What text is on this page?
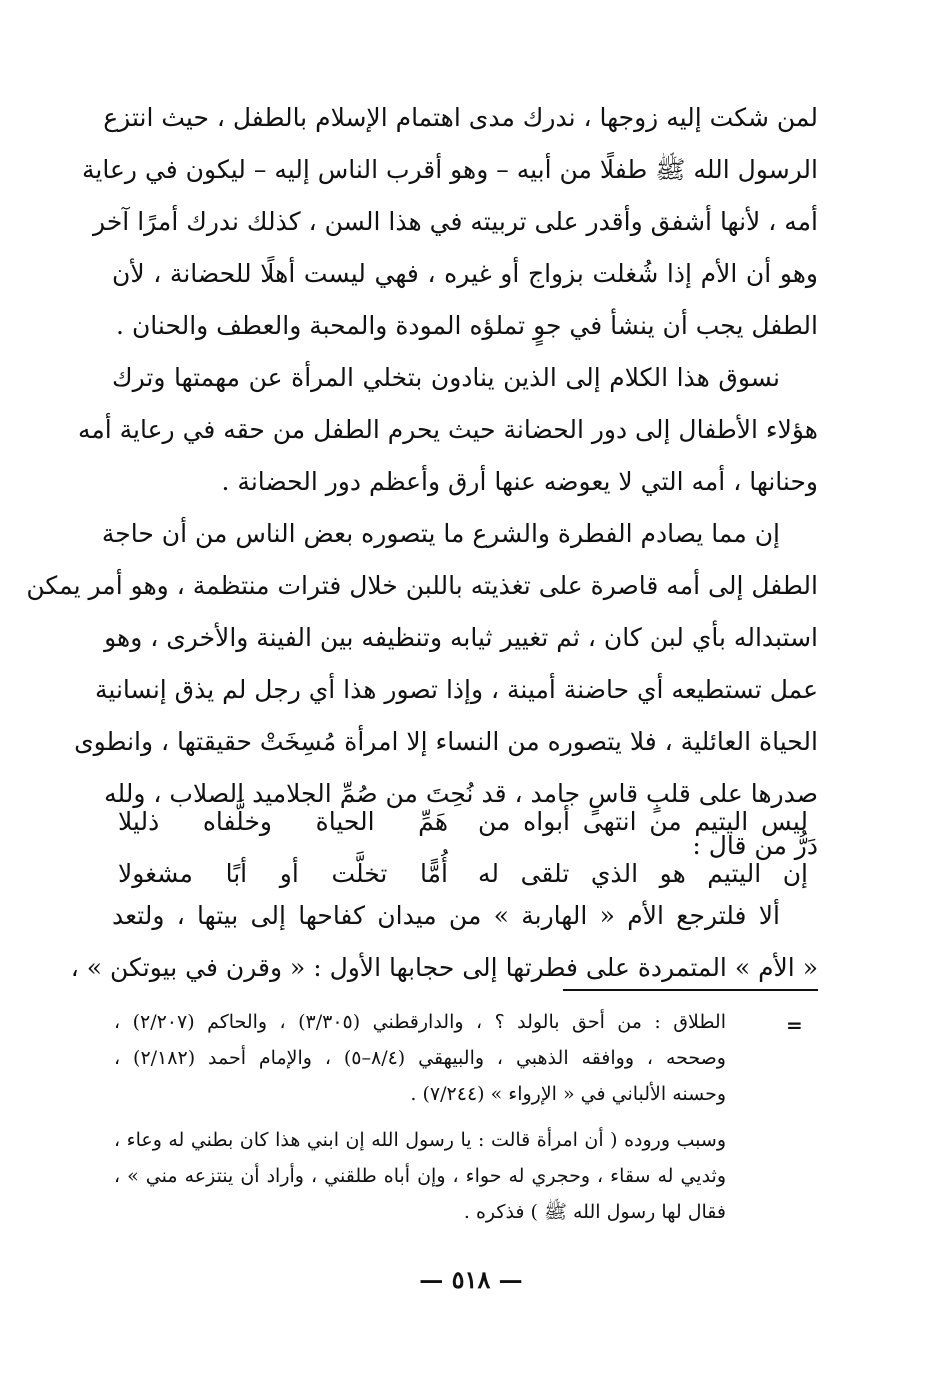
لمن شكت إليه زوجها ، ندرك مدى اهتمام الإسلام بالطفل ، حيث انتزع
الرسول الله ﷺ طفلًا من أبيه – وهو أقرب الناس إليه – ليكون في رعاية
أمه ، لأنها أشفق وأقدر على تربيته في هذا السن ، كذلك ندرك أمرًا آخر
وهو أن الأم إذا شُغلت بزواج أو غيره ، فهي ليست أهلًا للحضانة ، لأن
الطفل يجب أن ينشأ في جوٍ تملؤه المودة والمحبة والعطف والحنان .
نسوق هذا الكلام إلى الذين ينادون بتخلي المرأة عن مهمتها وترك
هؤلاء الأطفال إلى دور الحضانة حيث يحرم الطفل من حقه في رعاية أمه
وحنانها ، أمه التي لا يعوضه عنها أرق وأعظم دور الحضانة .
إن مما يصادم الفطرة والشرع ما يتصوره بعض الناس من أن حاجة
الطفل إلى أمه قاصرة على تغذيته باللبن خلال فترات منتظمة ، وهو أمر يمكن
استبداله بأي لبن كان ، ثم تغيير ثيابه وتنظيفه بين الفينة والأخرى ، وهو
عمل تستطيعه أي حاضنة أمينة ، وإذا تصور هذا أي رجل لم يذق إنسانية
الحياة العائلية ، فلا يتصوره من النساء إلا امرأة مُسِخَتْ حقيقتها ، وانطوى
صدرها على قلبٍ قاسٍ جامد ، قد نُحِتَ من صُمِّ الجلاميد الصلاب ، ولله
دَرُّ من قال :
ليس اليتيم من انتهى أبواه من
هَمِّ الحياة وخلَّفاه ذليلا
إن اليتيم هو الذي تلقى له
أُمًّا تخلَّت أو أبًا مشغولا
ألا فلترجع الأم « الهاربة » من ميدان كفاحها إلى بيتها ، ولتعد
« الأم » المتمردة على فطرتها إلى حجابها الأول : « وقرن في بيوتكن » ،
=
الطلاق : من أحق بالولد ؟ ، والدارقطني (٣/٣٠٥) ، والحاكم (٢/٢٠٧) ،
وصححه ، ووافقه الذهبي ، والبيهقي (٨/٤–٥) ، والإمام أحمد (٢/١٨٢) ،
وحسنه الألباني في « الإرواء » (٧/٢٤٤) .
وسبب وروده ( أن امرأة قالت : يا رسول الله إن ابني هذا كان بطني له وعاء ،
وثديي له سقاء ، وحجري له حواء ، وإن أباه طلقني ، وأراد أن ينتزعه مني » ،
فقال لها رسول الله ﷺ ) فذكره .
— ٥١٨ —
